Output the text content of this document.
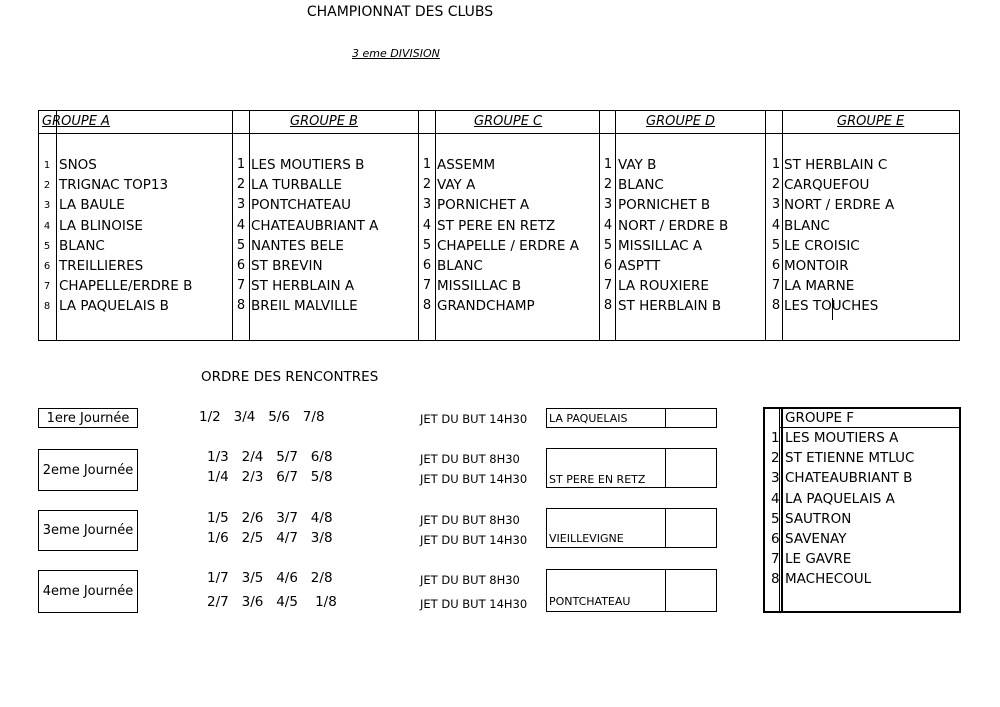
CHAMPIONNAT DES CLUBS
3 eme DIVISION
GROUPE A
1 SNOS
2 TRIGNAC TOP13
3 LA BAULE
4 LA BLINOISE
5 BLANC
6 TREILLIERES
7 CHAPELLE/ERDRE B
8 LA PAQUELAIS B
GROUPE B
1 LES MOUTIERS B
2 LA TURBALLE
3 PONTCHATEAU
4 CHATEAUBRIANT A
5 NANTES BELE
6 ST BREVIN
7 ST HERBLAIN A
8 BREIL MALVILLE
GROUPE C
1 ASSEMM
2 VAY A
3 PORNICHET A
4 ST PERE EN RETZ
5 CHAPELLE / ERDRE A
6 BLANC
7 MISSILLAC B
8 GRANDCHAMP
GROUPE D
1 VAY B
2 BLANC
3 PORNICHET B
4 NORT / ERDRE B
5 MISSILLAC A
6 ASPTT
7 LA ROUXIERE
8 ST HERBLAIN B
GROUPE E
1 ST HERBLAIN C
2 CARQUEFOU
3 NORT / ERDRE A
4 BLANC
5 LE CROISIC
6 MONTOIR
7 LA MARNE
8 LES TOUCHES
ORDRE DES RENCONTRES
1ere Journée	1/2   3/4   5/6   7/8	JET DU BUT 14H30 LA PAQUELAIS
2eme Journée
1/3   2/4   5/7   6/8
1/4   2/3   6/7   5/8
JET DU BUT 8H30
JET DU BUT 14H30 ST PERE EN RETZ
3eme Journée
1/5   2/6   3/7   4/8
1/6   2/5   4/7   3/8
JET DU BUT 8H30
JET DU BUT 14H30 VIEILLEVIGNE
4eme Journée
1/7   3/5   4/6   2/8
2/7   3/6   4/5    1/8
JET DU BUT 8H30
JET DU BUT 14H30 PONTCHATEAU
GROUPE F
1 LES MOUTIERS A
2 ST ETIENNE MTLUC
3 CHATEAUBRIANT B
4 LA PAQUELAIS A
5 SAUTRON
6 SAVENAY
7 LE GAVRE
8 MACHECOUL
